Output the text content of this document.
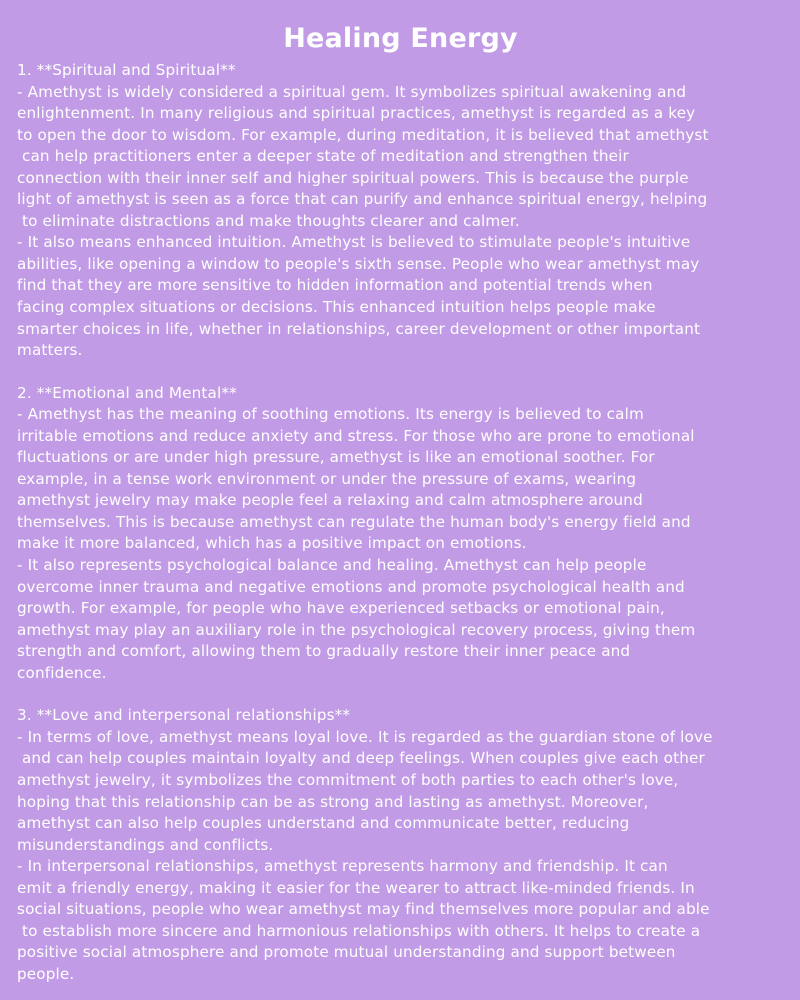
Healing Energy
1. **Spiritual and Spiritual**
- Amethyst is widely considered a spiritual gem. It symbolizes spiritual awakening and
enlightenment. In many religious and spiritual practices, amethyst is regarded as a key
to open the door to wisdom. For example, during meditation, it is believed that amethyst
can help practitioners enter a deeper state of meditation and strengthen their
connection with their inner self and higher spiritual powers. This is because the purple
light of amethyst is seen as a force that can purify and enhance spiritual energy, helping
to eliminate distractions and make thoughts clearer and calmer.
- It also means enhanced intuition. Amethyst is believed to stimulate people's intuitive
abilities, like opening a window to people's sixth sense. People who wear amethyst may
find that they are more sensitive to hidden information and potential trends when
facing complex situations or decisions. This enhanced intuition helps people make
smarter choices in life, whether in relationships, career development or other important
matters.
2. **Emotional and Mental**
- Amethyst has the meaning of soothing emotions. Its energy is believed to calm
irritable emotions and reduce anxiety and stress. For those who are prone to emotional
fluctuations or are under high pressure, amethyst is like an emotional soother. For
example, in a tense work environment or under the pressure of exams, wearing
amethyst jewelry may make people feel a relaxing and calm atmosphere around
themselves. This is because amethyst can regulate the human body's energy field and
make it more balanced, which has a positive impact on emotions.
- It also represents psychological balance and healing. Amethyst can help people
overcome inner trauma and negative emotions and promote psychological health and
growth. For example, for people who have experienced setbacks or emotional pain,
amethyst may play an auxiliary role in the psychological recovery process, giving them
strength and comfort, allowing them to gradually restore their inner peace and
confidence.
3. **Love and interpersonal relationships**
- In terms of love, amethyst means loyal love. It is regarded as the guardian stone of love
and can help couples maintain loyalty and deep feelings. When couples give each other
amethyst jewelry, it symbolizes the commitment of both parties to each other's love,
hoping that this relationship can be as strong and lasting as amethyst. Moreover,
amethyst can also help couples understand and communicate better, reducing
misunderstandings and conflicts.
- In interpersonal relationships, amethyst represents harmony and friendship. It can
emit a friendly energy, making it easier for the wearer to attract like-minded friends. In
social situations, people who wear amethyst may find themselves more popular and able
to establish more sincere and harmonious relationships with others. It helps to create a
positive social atmosphere and promote mutual understanding and support between
people.
